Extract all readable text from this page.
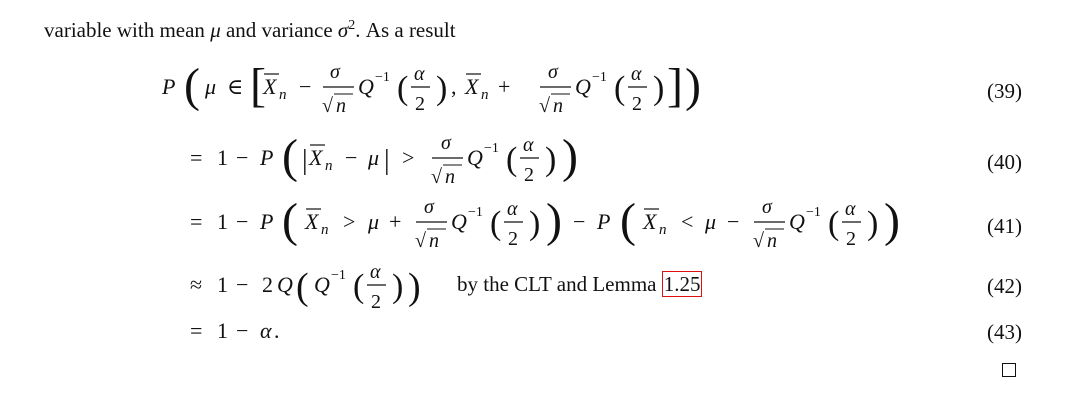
variable with mean μ and variance $\sigma^2$. As a result
P ( μ ∈ [
X n −
σ
√ n
Q −1 ( α
2 ) , X n +
σ
√ n
Q −1 ( α
2 ) ] )	(39)
= 1 − P ( | X n − μ | >
σ
√ n
Q −1 ( α
2 ) )	(40)
= 1 − P ( X n > μ +
σ
√ n
Q −1 ( α
2 ) ) − P ( X n < μ −
σ
√ n
Q −1 ( α
2 ) )	(41)
≈ 1 − 2 Q ( Q −1 ( α
2 ) ) by the CLT and Lemma 1.25	(42)
= 1 − α .	(43)
